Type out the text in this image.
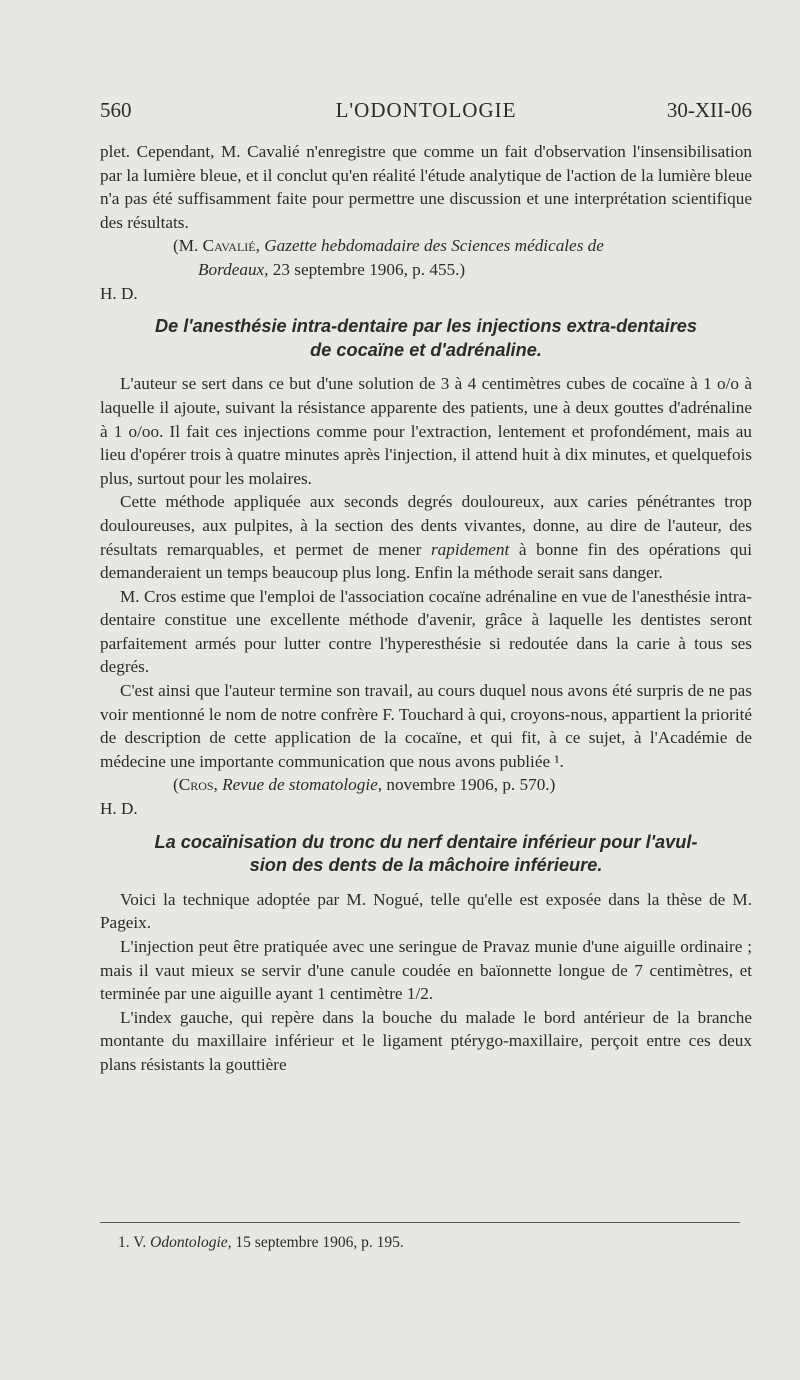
L'ODONTOLOGIE
560	30-XII-06

plet. Cependant, M. Cavalié n'enregistre que comme un fait d'observation l'insensibilisation par la lumière bleue, et il conclut qu'en réalité l'étude analytique de l'action de la lumière bleue n'a pas été suffisamment faite pour permettre une discussion et une interprétation scientifique des résultats.

(M. Cavalié, Gazette hebdomadaire des Sciences médicales de

Bordeaux, 23 septembre 1906, p. 455.)

H. D.

De l'anesthésie intra-dentaire par les injections extra-dentaires
de cocaïne et d'adrénaline.

L'auteur se sert dans ce but d'une solution de 3 à 4 centimètres cubes de cocaïne à 1 o/o à laquelle il ajoute, suivant la résistance apparente des patients, une à deux gouttes d'adrénaline à 1 o/oo. Il fait ces injections comme pour l'extraction, lentement et profondément, mais au lieu d'opérer trois à quatre minutes après l'injection, il attend huit à dix minutes, et quelquefois plus, surtout pour les molaires.

Cette méthode appliquée aux seconds degrés douloureux, aux caries pénétrantes trop douloureuses, aux pulpites, à la section des dents vivantes, donne, au dire de l'auteur, des résultats remarquables, et permet de mener rapidement à bonne fin des opérations qui demanderaient un temps beaucoup plus long. Enfin la méthode serait sans danger.

M. Cros estime que l'emploi de l'association cocaïne adrénaline en vue de l'anesthésie intra-dentaire constitue une excellente méthode d'avenir, grâce à laquelle les dentistes seront parfaitement armés pour lutter contre l'hyperesthésie si redoutée dans la carie à tous ses degrés.

C'est ainsi que l'auteur termine son travail, au cours duquel nous avons été surpris de ne pas voir mentionné le nom de notre confrère F. Touchard à qui, croyons-nous, appartient la priorité de description de cette application de la cocaïne, et qui fit, à ce sujet, à l'Académie de médecine une importante communication que nous avons publiée ¹.

(Cros, Revue de stomatologie, novembre 1906, p. 570.)

H. D.

La cocaïnisation du tronc du nerf dentaire inférieur pour l'avul-
sion des dents de la mâchoire inférieure.

Voici la technique adoptée par M. Nogué, telle qu'elle est exposée dans la thèse de M. Pageix.

L'injection peut être pratiquée avec une seringue de Pravaz munie d'une aiguille ordinaire ; mais il vaut mieux se servir d'une canule coudée en baïonnette longue de 7 centimètres, et terminée par une aiguille ayant 1 centimètre 1/2.

L'index gauche, qui repère dans la bouche du malade le bord antérieur de la branche montante du maxillaire inférieur et le ligament ptérygo-maxillaire, perçoit entre ces deux plans résistants la gouttière

1. V. Odontologie, 15 septembre 1906, p. 195.
